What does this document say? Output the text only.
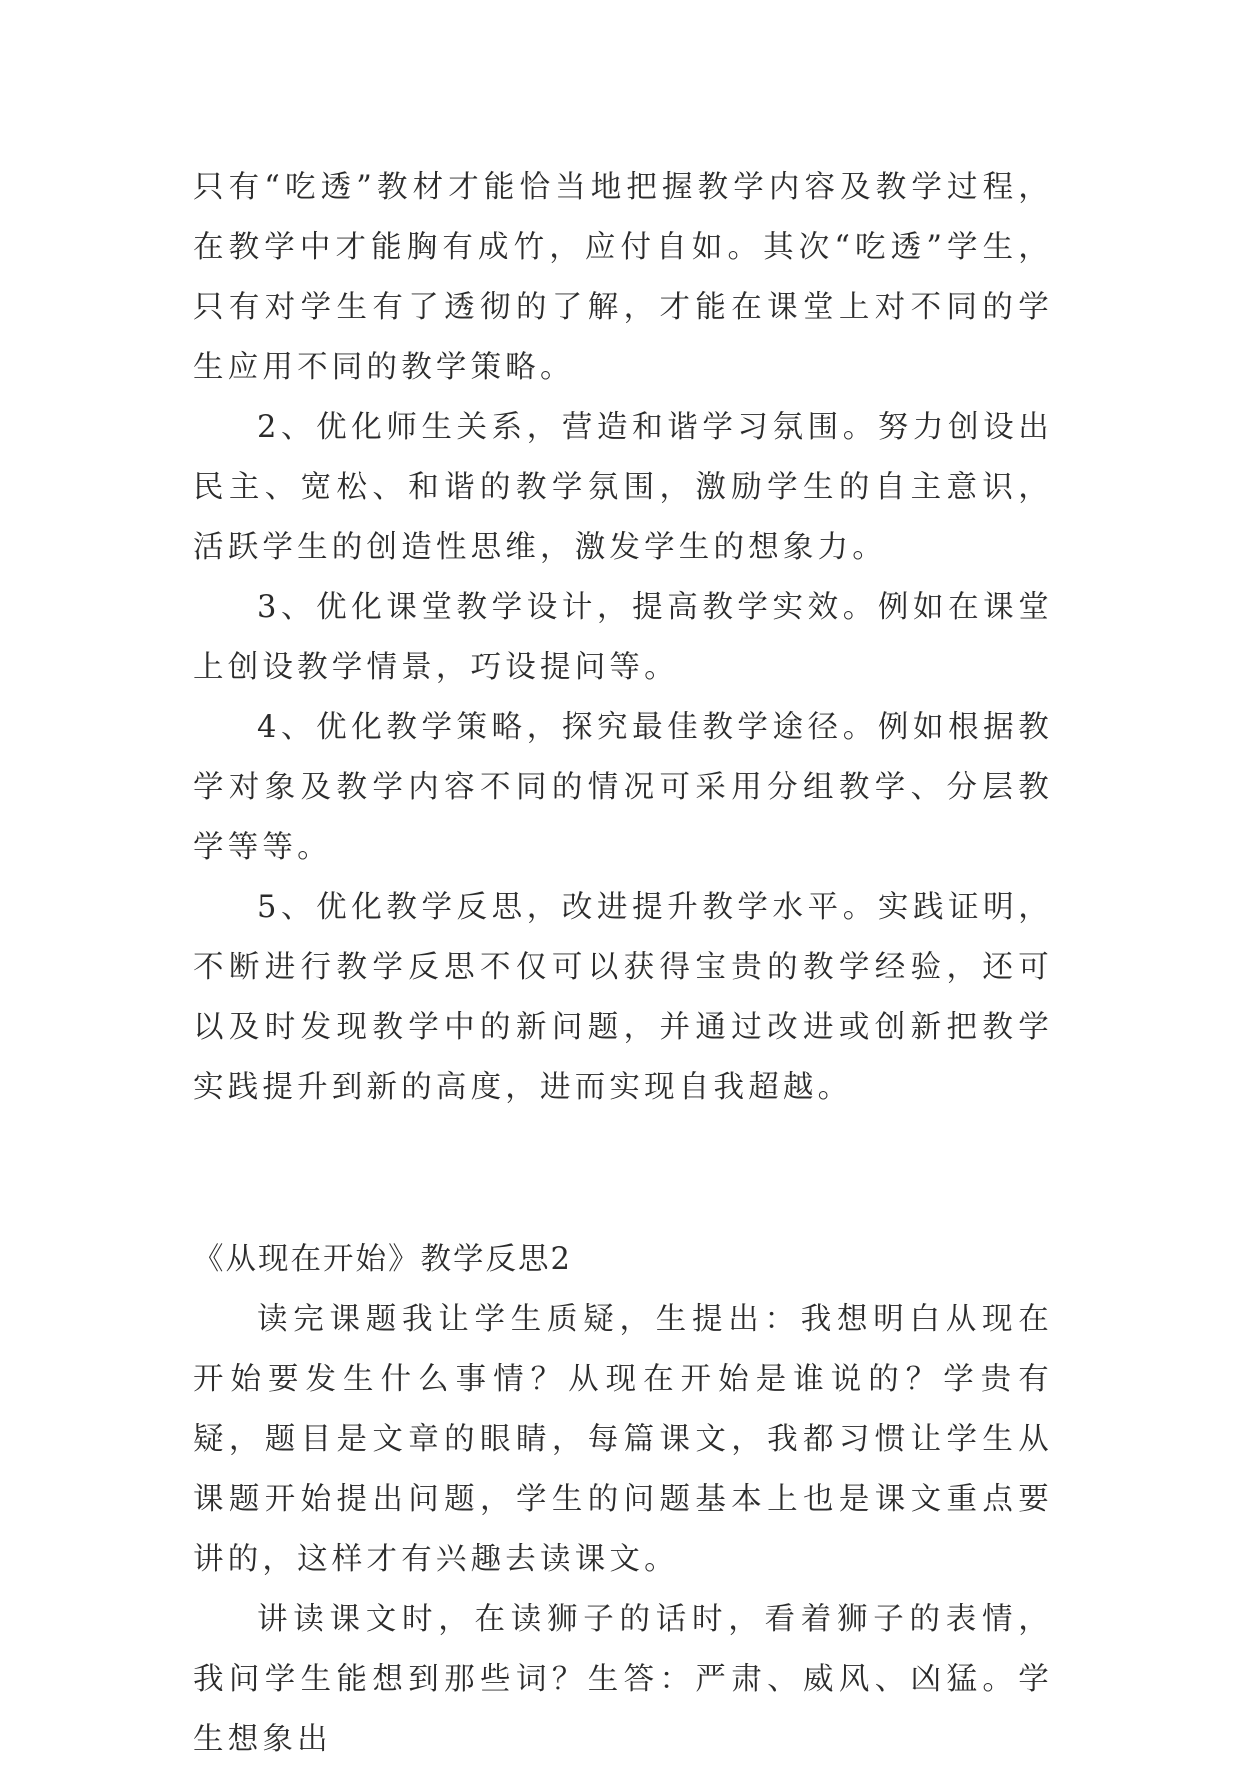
只有“吃透”教材才能恰当地把握教学内容及教学过程，在教学中才能胸有成竹，应付自如。其次“吃透”学生，只有对学生有了透彻的了解，才能在课堂上对不同的学生应用不同的教学策略。

2、优化师生关系，营造和谐学习氛围。努力创设出民主、宽松、和谐的教学氛围，激励学生的自主意识，活跃学生的创造性思维，激发学生的想象力。

3、优化课堂教学设计，提高教学实效。例如在课堂上创设教学情景，巧设提问等。

4、优化教学策略，探究最佳教学途径。例如根据教学对象及教学内容不同的情况可采用分组教学、分层教学等等。

5、优化教学反思，改进提升教学水平。实践证明，不断进行教学反思不仅可以获得宝贵的教学经验，还可以及时发现教学中的新问题，并通过改进或创新把教学实践提升到新的高度，进而实现自我超越。

《从现在开始》教学反思2

读完课题我让学生质疑，生提出：我想明白从现在开始要发生什么事情？从现在开始是谁说的？学贵有疑，题目是文章的眼睛，每篇课文，我都习惯让学生从课题开始提出问题，学生的问题基本上也是课文重点要讲的，这样才有兴趣去读课文。

讲读课文时，在读狮子的话时，看着狮子的表情，我问学生能想到那些词？生答：严肃、威风、凶猛。学生想象出
